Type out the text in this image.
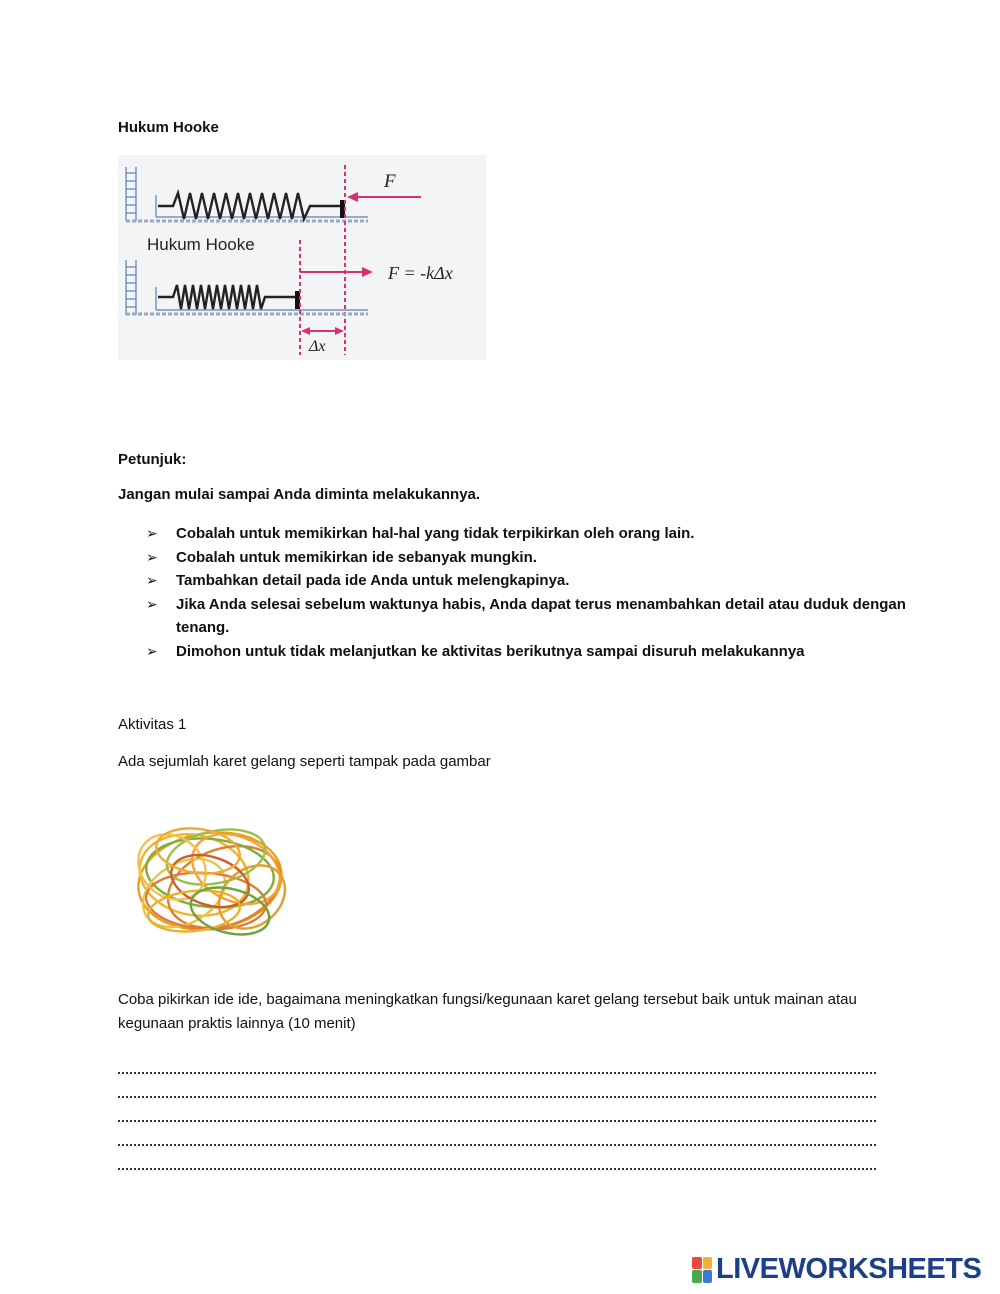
Hukum Hooke
F
Hukum Hooke
F = -kΔx
Δx
Petunjuk:
Jangan mulai sampai Anda diminta melakukannya.
➢ Cobalah untuk memikirkan hal-hal yang tidak terpikirkan oleh orang lain.
➢ Cobalah untuk memikirkan ide sebanyak mungkin.
➢ Tambahkan detail pada ide Anda untuk melengkapinya.
➢ Jika Anda selesai sebelum waktunya habis, Anda dapat terus menambahkan detail atau duduk dengan tenang.
➢ Dimohon untuk tidak melanjutkan ke aktivitas berikutnya sampai disuruh melakukannya
Aktivitas 1
Ada sejumlah karet gelang seperti tampak pada gambar
Coba pikirkan ide ide, bagaimana meningkatkan fungsi/kegunaan karet gelang tersebut baik untuk mainan atau kegunaan praktis lainnya (10 menit)
LIVEWORKSHEETS
